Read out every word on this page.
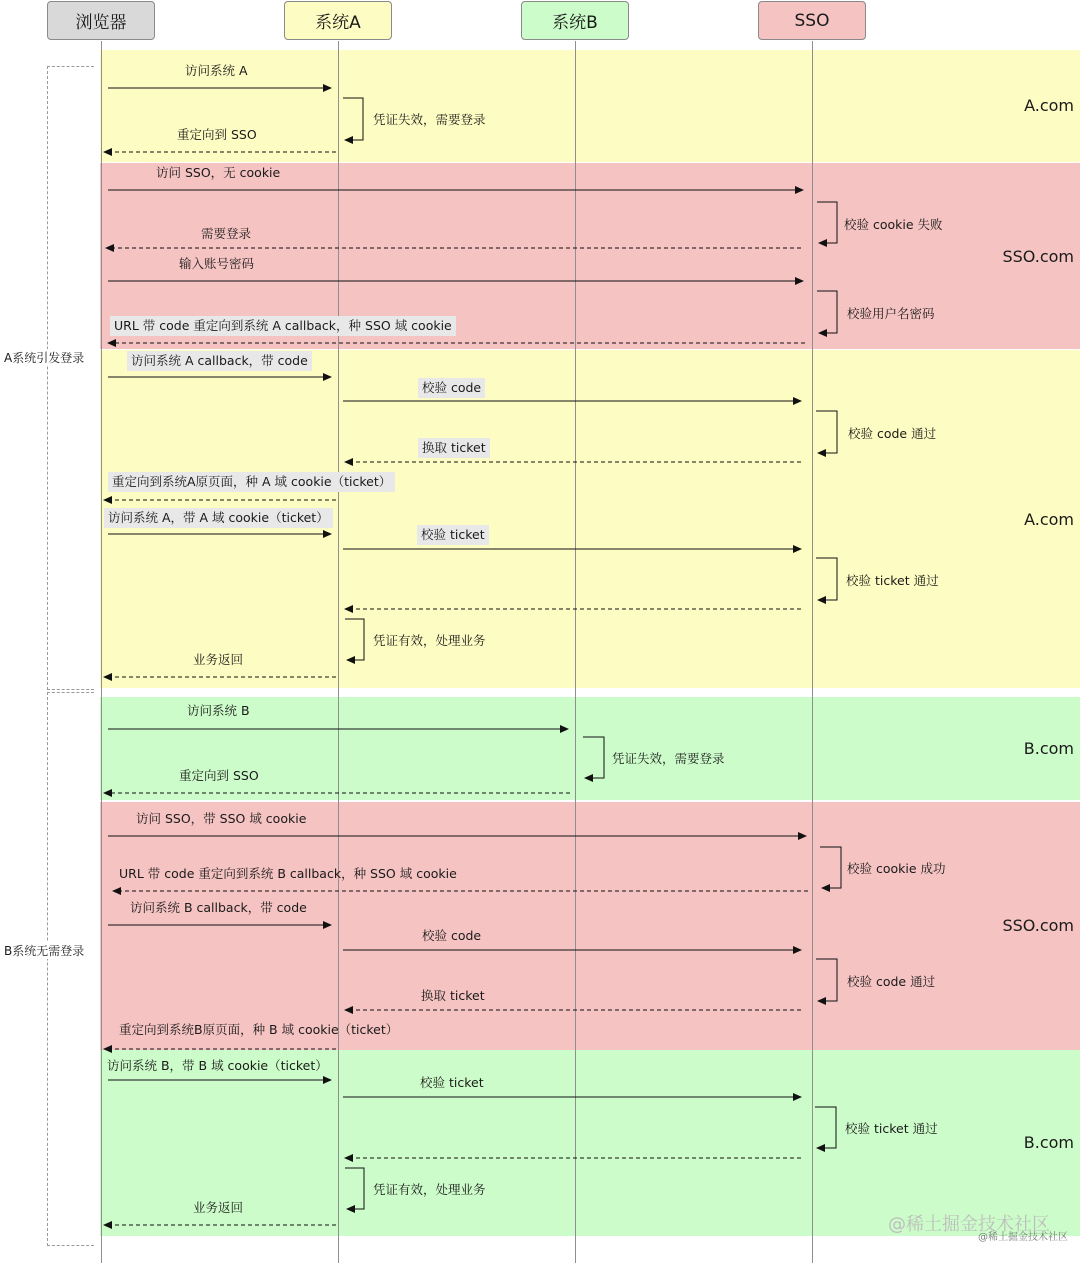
A.com
SSO.com
A.com
B.com
SSO.com
B.com
A系统引发登录
B系统无需登录
浏览器	系统A	系统B	SSO
访问系统 A
重定向到 SSO
访问 SSO，无 cookie
需要登录
输入账号密码
URL 带 code 重定向到系统 A callback，种 SSO 域 cookie
访问系统 A callback，带 code
校验 code
换取 ticket
重定向到系统A原页面，种 A 域 cookie（ticket）
访问系统 A，带 A 域 cookie（ticket）
校验 ticket
业务返回
访问系统 B
重定向到 SSO
访问 SSO，带 SSO 域 cookie
URL 带 code 重定向到系统 B callback，种 SSO 域 cookie
访问系统 B callback，带 code
校验 code
换取 ticket
重定向到系统B原页面，种 B 域 cookie（ticket）
访问系统 B，带 B 域 cookie（ticket）
校验 ticket
业务返回
凭证失效，需要登录
校验 cookie 失败
校验用户名密码
校验 code 通过
校验 ticket 通过
凭证有效，处理业务
凭证失效，需要登录
校验 cookie 成功
校验 code 通过
校验 ticket 通过
凭证有效，处理业务
@稀土掘金技术社区
@稀土掘金技术社区
